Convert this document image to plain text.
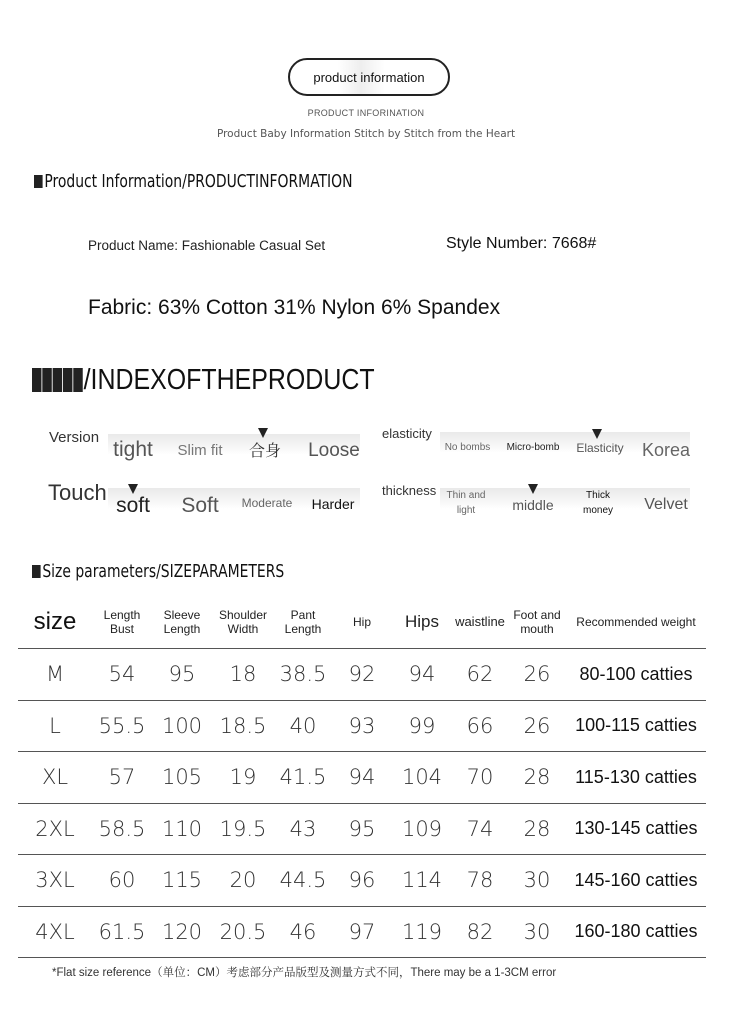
product information
PRODUCT INFORINATION
Product Baby Information Stitch by Stitch from the Heart
Product Information/PRODUCTINFORMATION
Product Name: Fashionable Casual Set	Style Number: 7668#
Fabric: 63% Cotton 31% Nylon 6% Spandex
/INDEXOFTHEPRODUCT
Version
tight	Slim fit	合身	Loose
elasticity
No bombs	Micro-bomb	Elasticity	Korea
Touch
soft	Soft	Moderate	Harder
thickness	Thin and light	middle
Thick money	Velvet
Size parameters/SIZEPARAMETERS
size	Length Bust	Sleeve Length	Shoulder Width	Pant Length	Hip	Hips	waistline	Foot and mouth	Recommended weight
M	54	95	18	38.5	92	94	62	26	80-100 catties
L	55.5	100	18.5	40	93	99	66	26	100-115 catties
XL	57	105	19	41.5	94	104	70	28	115-130 catties
2XL	58.5	110	19.5	43	95	109	74	28	130-145 catties
3XL	60	115	20	44.5	96	114	78	30	145-160 catties
4XL	61.5	120	20.5	46	97	119	82	30	160-180 catties
*Flat size reference（单位：CM）考虑部分产品版型及测量方式不同，There may be a 1-3CM error
